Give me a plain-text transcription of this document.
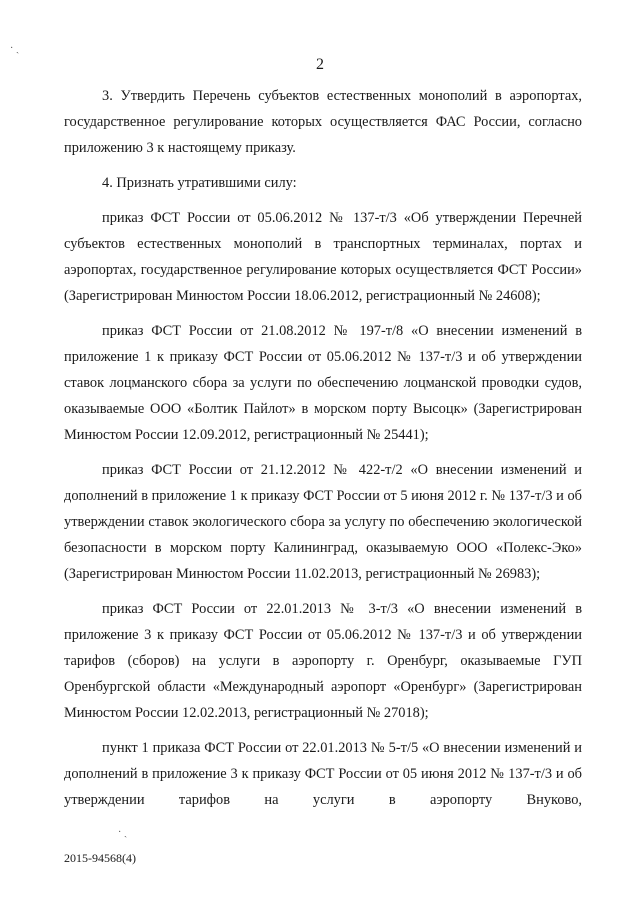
· ˏ
· ˏ
2

3. Утвердить Перечень субъектов естественных монополий в аэропортах, государственное регулирование которых осуществляется ФАС России, согласно приложению 3 к настоящему приказу.

4. Признать утратившими силу:

приказ ФСТ России от 05.06.2012 № 137-т/3 «Об утверждении Перечней субъектов естественных монополий в транспортных терминалах, портах и аэропортах, государственное регулирование которых осуществляется ФСТ России» (Зарегистрирован Минюстом России 18.06.2012, регистрационный № 24608);

приказ ФСТ России от 21.08.2012 № 197-т/8 «О внесении изменений в приложение 1 к приказу ФСТ России от 05.06.2012 № 137-т/3 и об утверждении ставок лоцманского сбора за услуги по обеспечению лоцманской проводки судов, оказываемые ООО «Болтик Пайлот» в морском порту Высоцк» (Зарегистрирован Минюстом России 12.09.2012, регистрационный № 25441);

приказ ФСТ России от 21.12.2012 № 422-т/2 «О внесении изменений и дополнений в приложение 1 к приказу ФСТ России от 5 июня 2012 г. № 137-т/3 и об утверждении ставок экологического сбора за услугу по обеспечению экологической безопасности в морском порту Калининград, оказываемую ООО «Полекс-Эко» (Зарегистрирован Минюстом России 11.02.2013, регистрационный № 26983);

приказ ФСТ России от 22.01.2013 № 3-т/3 «О внесении изменений в приложение 3 к приказу ФСТ России от 05.06.2012 № 137-т/3 и об утверждении тарифов (сборов) на услуги в аэропорту г. Оренбург, оказываемые ГУП Оренбургской области «Международный аэропорт «Оренбург» (Зарегистрирован Минюстом России 12.02.2013, регистрационный № 27018);

пункт 1 приказа ФСТ России от 22.01.2013 № 5-т/5 «О внесении изменений и дополнений в приложение 3 к приказу ФСТ России от 05 июня 2012 № 137-т/3 и об утверждении тарифов на услуги в аэропорту Внуково,

2015-94568(4)
